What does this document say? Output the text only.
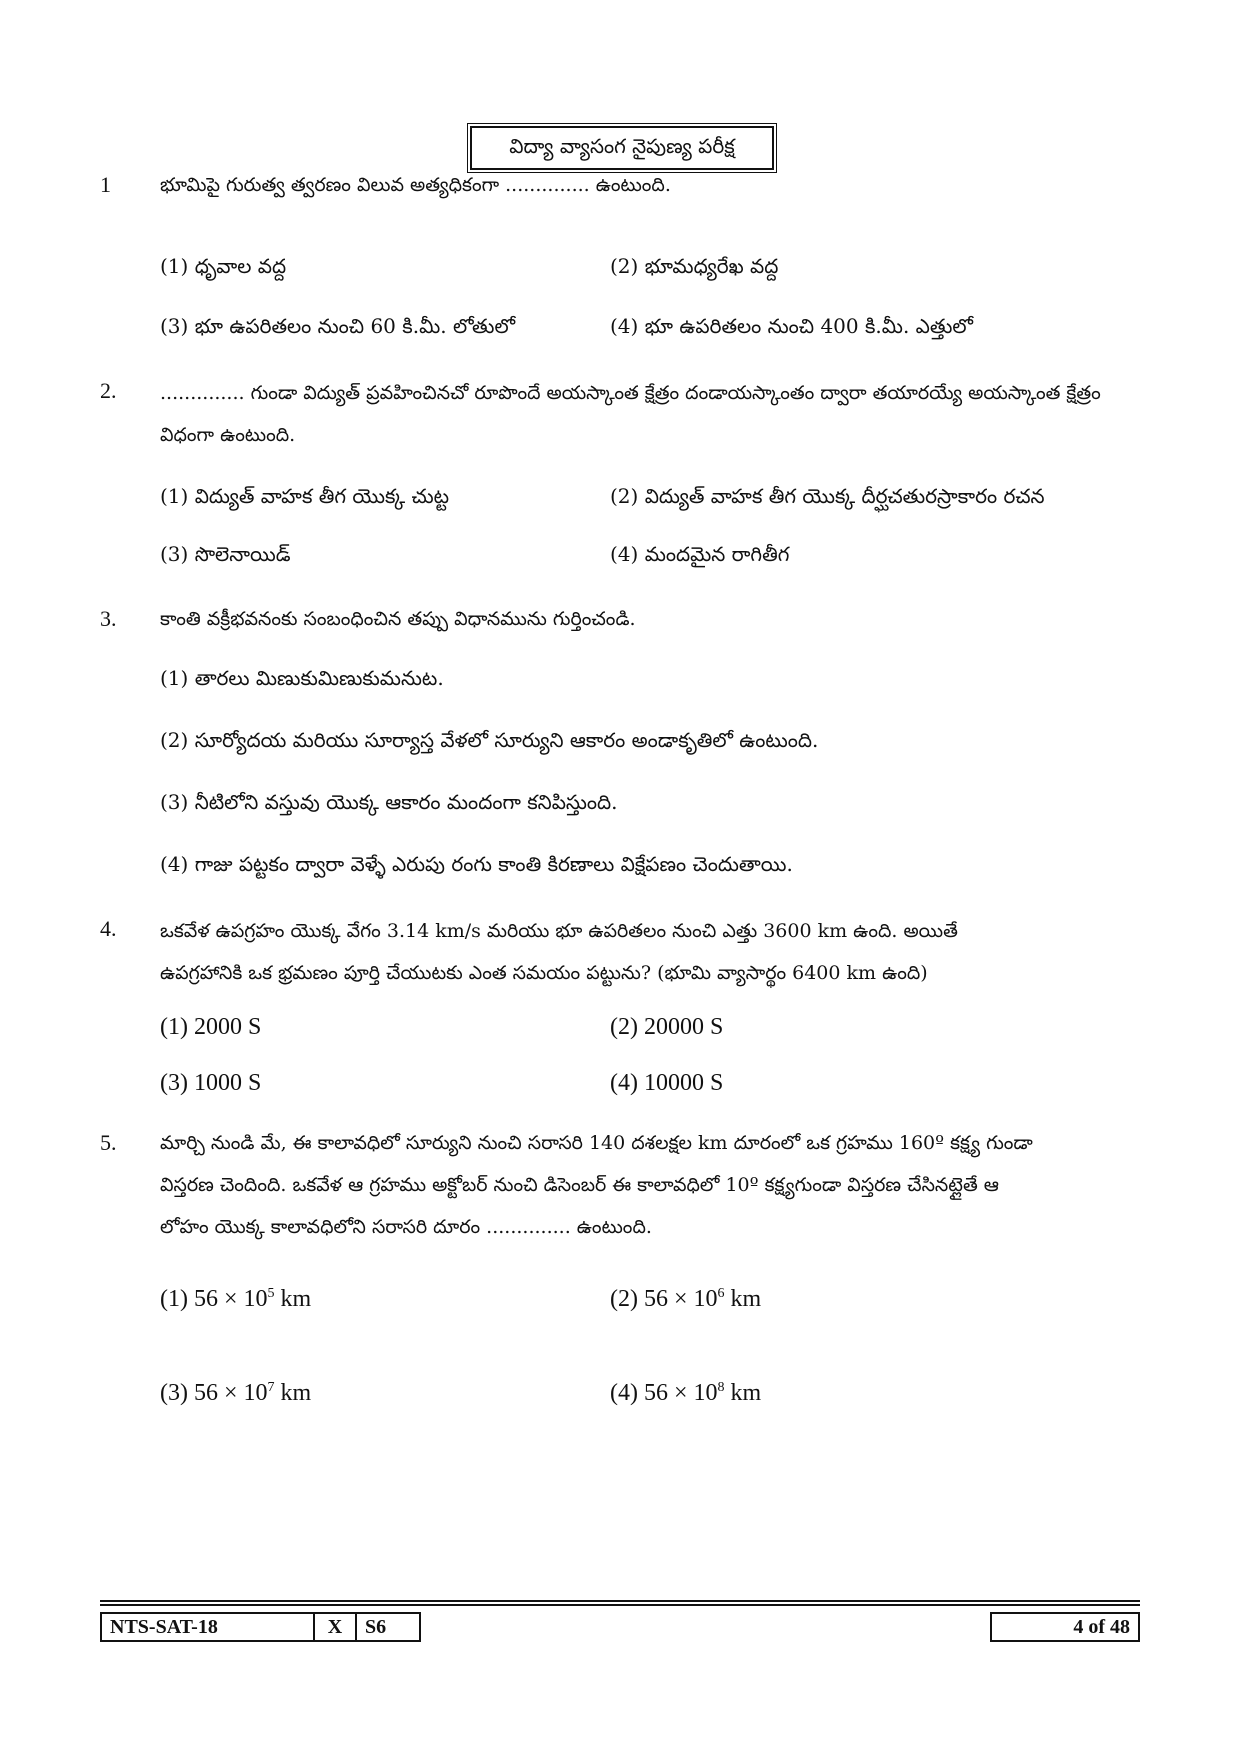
విద్యా వ్యాసంగ నైపుణ్య పరీక్ష
1	భూమిపై గురుత్వ త్వరణం విలువ అత్యధికంగా .............. ఉంటుంది.
(1) ధృవాల వద్ద	(2) భూమధ్యరేఖ వద్ద
(3) భూ ఉపరితలం నుంచి 60 కి.మీ. లోతులో	(4) భూ ఉపరితలం నుంచి 400 కి.మీ. ఎత్తులో
2. .............. గుండా విద్యుత్ ప్రవహించినచో రూపొందే అయస్కాంత క్షేత్రం దండాయస్కాంతం ద్వారా తయారయ్యే అయస్కాంత క్షేత్రం విధంగా ఉంటుంది.
(1) విద్యుత్ వాహక తీగ యొక్క చుట్ట	(2) విద్యుత్ వాహక తీగ యొక్క దీర్ఘచతురస్రాకారం రచన
(3) సొలెనాయిడ్	(4) మందమైన రాగితీగ
3. కాంతి వక్రీభవనంకు సంబంధించిన తప్పు విధానమును గుర్తించండి.
(1) తారలు మిణుకుమిణుకుమనుట.
(2) సూర్యోదయ మరియు సూర్యాస్త వేళలో సూర్యుని ఆకారం అండాకృతిలో ఉంటుంది.
(3) నీటిలోని వస్తువు యొక్క ఆకారం మందంగా కనిపిస్తుంది.
(4) గాజు పట్టకం ద్వారా వెళ్ళే ఎరుపు రంగు కాంతి కిరణాలు విక్షేపణం చెందుతాయి.
4. ఒకవేళ ఉపగ్రహం యొక్క వేగం 3.14 km/s మరియు భూ ఉపరితలం నుంచి ఎత్తు 3600 km ఉంది. అయితే
ఉపగ్రహానికి ఒక భ్రమణం పూర్తి చేయుటకు ఎంత సమయం పట్టును? (భూమి వ్యాసార్థం 6400 km ఉంది)
(1) 2000 S	(2) 20000 S
(3) 1000 S	(4) 10000 S
5. మార్చి నుండి మే, ఈ కాలావధిలో సూర్యుని నుంచి సరాసరి 140 దశలక్షల km దూరంలో ఒక గ్రహము 160º కక్ష్య గుండా
విస్తరణ చెందింది. ఒకవేళ ఆ గ్రహము అక్టోబర్ నుంచి డిసెంబర్ ఈ కాలావధిలో 10º కక్ష్యగుండా విస్తరణ చేసినట్లైతే ఆ
లోహం యొక్క కాలావధిలోని సరాసరి దూరం .............. ఉంటుంది.
(1) $56 \times 10^5$ km	(2) $56 \times 10^6$ km
(3) $56 \times 10^7$ km	(4) $56 \times 10^8$ km
NTS-SAT-18	X	S6	4 of 48
